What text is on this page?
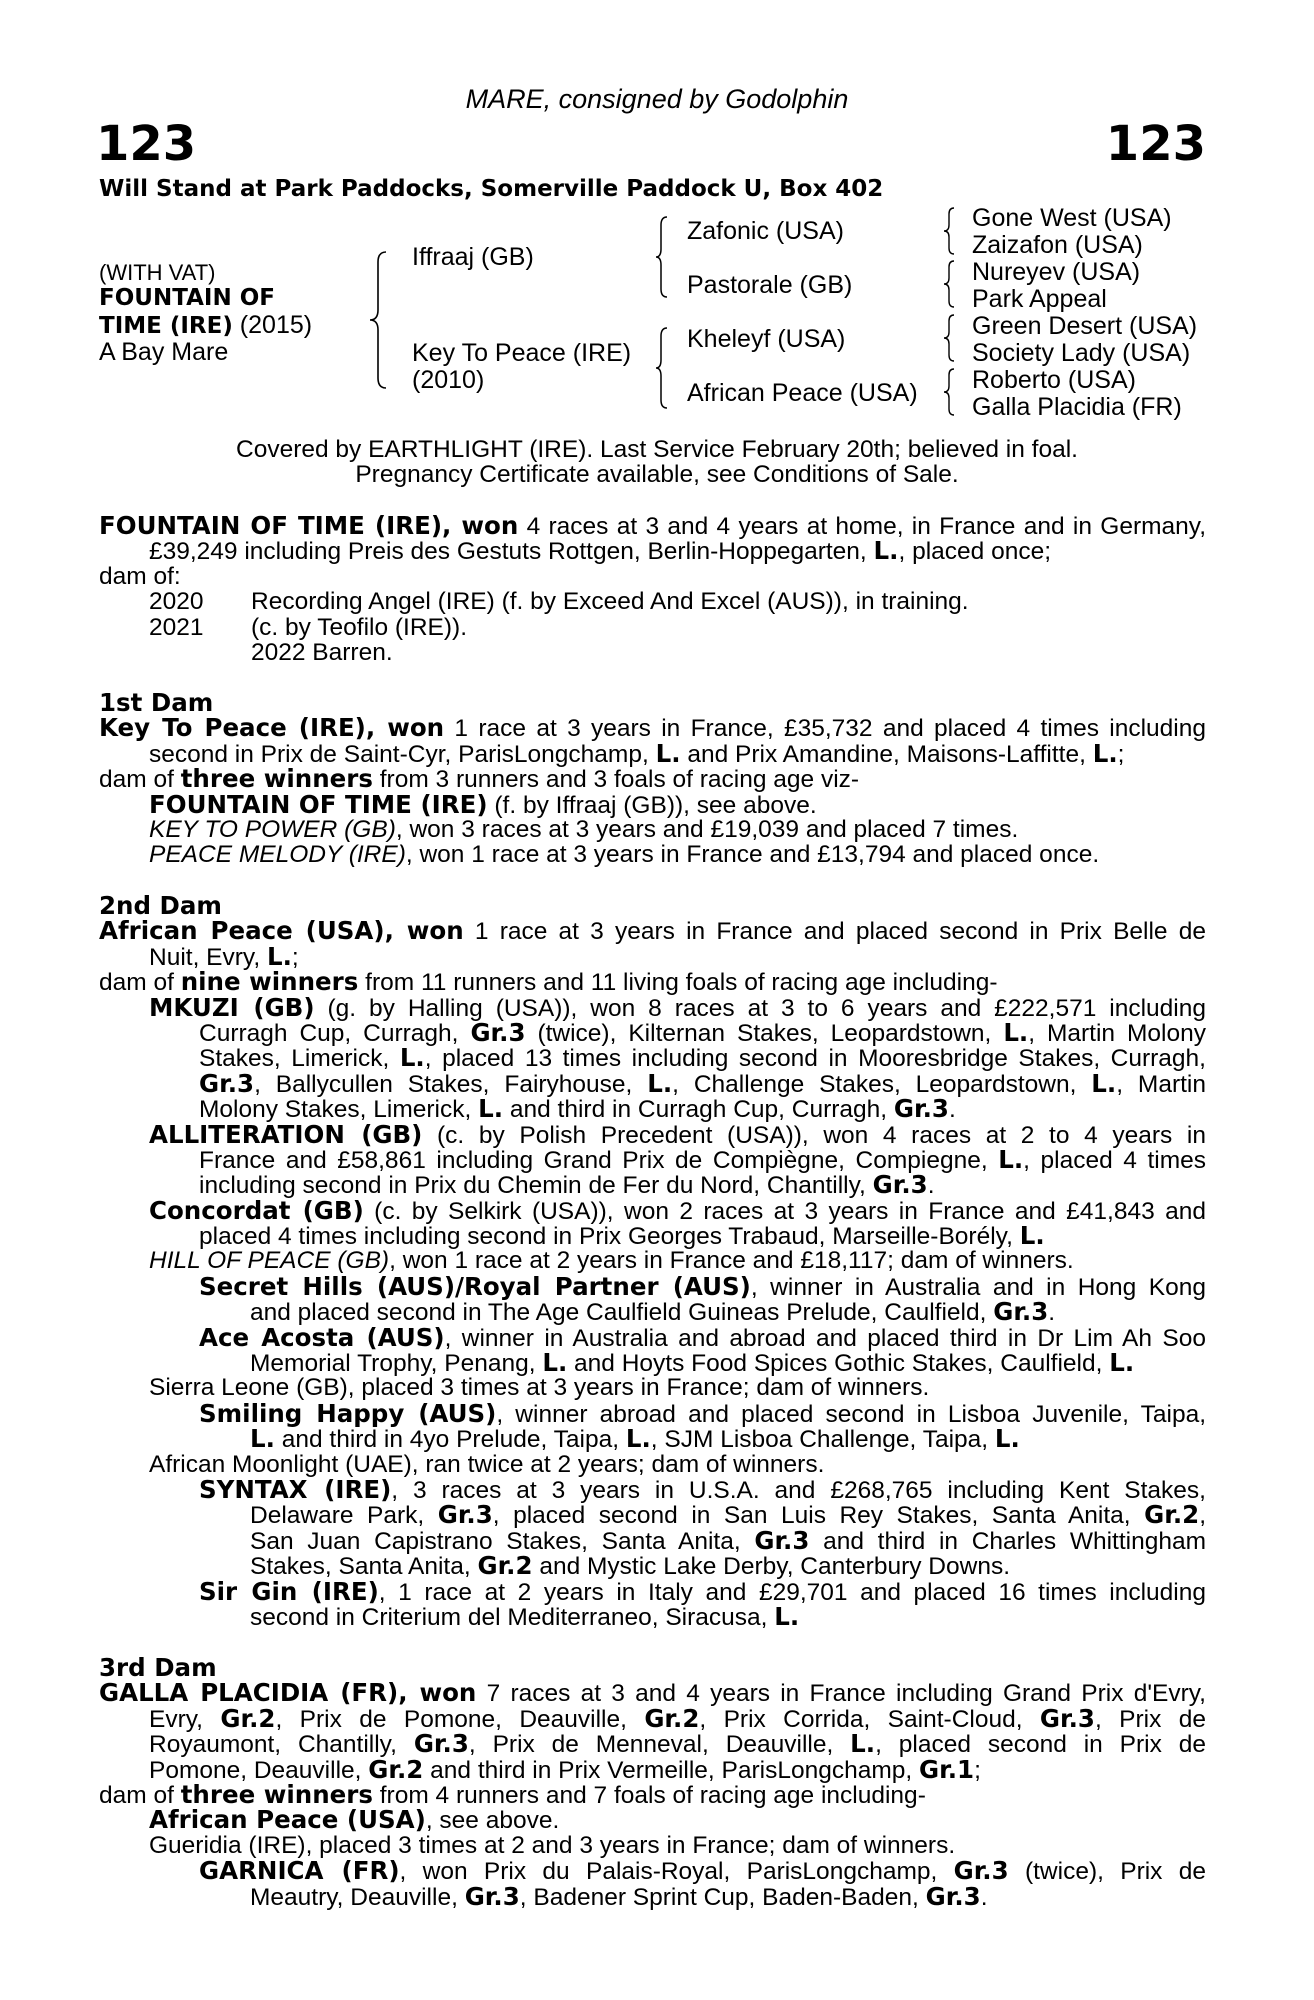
MARE, consigned by Godolphin
123	123
Will Stand at Park Paddocks, Somerville Paddock U, Box 402
(WITH VAT)
FOUNTAIN OF
TIME (IRE) (2015)
A Bay Mare
Iffraaj (GB)
Key To Peace (IRE)
(2010)
Zafonic (USA)
Pastorale (GB)
Kheleyf (USA)
African Peace (USA)
Gone West (USA)
Zaizafon (USA)
Nureyev (USA)
Park Appeal
Green Desert (USA)
Society Lady (USA)
Roberto (USA)
Galla Placidia (FR)
Covered by EARTHLIGHT (IRE). Last Service February 20th; believed in foal.
Pregnancy Certificate available, see Conditions of Sale.
FOUNTAIN OF TIME (IRE), won 4 races at 3 and 4 years at home, in France and in Germany,
£39,249 including Preis des Gestuts Rottgen, Berlin-Hoppegarten, L., placed once;
dam of:
2020 Recording Angel (IRE) (f. by Exceed And Excel (AUS)), in training.
2021 (c. by Teofilo (IRE)).
2022 Barren.
1st Dam
Key To Peace (IRE), won 1 race at 3 years in France, £35,732 and placed 4 times including
second in Prix de Saint-Cyr, ParisLongchamp, L. and Prix Amandine, Maisons-Laffitte, L.;
dam of three winners from 3 runners and 3 foals of racing age viz-
FOUNTAIN OF TIME (IRE) (f. by Iffraaj (GB)), see above.
KEY TO POWER (GB), won 3 races at 3 years and £19,039 and placed 7 times.
PEACE MELODY (IRE), won 1 race at 3 years in France and £13,794 and placed once.
2nd Dam
African Peace (USA), won 1 race at 3 years in France and placed second in Prix Belle de
Nuit, Evry, L.;
dam of nine winners from 11 runners and 11 living foals of racing age including-
MKUZI (GB) (g. by Halling (USA)), won 8 races at 3 to 6 years and £222,571 including
Curragh Cup, Curragh, Gr.3 (twice), Kilternan Stakes, Leopardstown, L., Martin Molony
Stakes, Limerick, L., placed 13 times including second in Mooresbridge Stakes, Curragh,
Gr.3, Ballycullen Stakes, Fairyhouse, L., Challenge Stakes, Leopardstown, L., Martin
Molony Stakes, Limerick, L. and third in Curragh Cup, Curragh, Gr.3.
ALLITERATION (GB) (c. by Polish Precedent (USA)), won 4 races at 2 to 4 years in
France and £58,861 including Grand Prix de Compiègne, Compiegne, L., placed 4 times
including second in Prix du Chemin de Fer du Nord, Chantilly, Gr.3.
Concordat (GB) (c. by Selkirk (USA)), won 2 races at 3 years in France and £41,843 and
placed 4 times including second in Prix Georges Trabaud, Marseille-Borély, L.
HILL OF PEACE (GB), won 1 race at 2 years in France and £18,117; dam of winners.
Secret Hills (AUS)/Royal Partner (AUS), winner in Australia and in Hong Kong
and placed second in The Age Caulfield Guineas Prelude, Caulfield, Gr.3.
Ace Acosta (AUS), winner in Australia and abroad and placed third in Dr Lim Ah Soo
Memorial Trophy, Penang, L. and Hoyts Food Spices Gothic Stakes, Caulfield, L.
Sierra Leone (GB), placed 3 times at 3 years in France; dam of winners.
Smiling Happy (AUS), winner abroad and placed second in Lisboa Juvenile, Taipa,
L. and third in 4yo Prelude, Taipa, L., SJM Lisboa Challenge, Taipa, L.
African Moonlight (UAE), ran twice at 2 years; dam of winners.
SYNTAX (IRE), 3 races at 3 years in U.S.A. and £268,765 including Kent Stakes,
Delaware Park, Gr.3, placed second in San Luis Rey Stakes, Santa Anita, Gr.2,
San Juan Capistrano Stakes, Santa Anita, Gr.3 and third in Charles Whittingham
Stakes, Santa Anita, Gr.2 and Mystic Lake Derby, Canterbury Downs.
Sir Gin (IRE), 1 race at 2 years in Italy and £29,701 and placed 16 times including
second in Criterium del Mediterraneo, Siracusa, L.
3rd Dam
GALLA PLACIDIA (FR), won 7 races at 3 and 4 years in France including Grand Prix d'Evry,
Evry, Gr.2, Prix de Pomone, Deauville, Gr.2, Prix Corrida, Saint-Cloud, Gr.3, Prix de
Royaumont, Chantilly, Gr.3, Prix de Menneval, Deauville, L., placed second in Prix de
Pomone, Deauville, Gr.2 and third in Prix Vermeille, ParisLongchamp, Gr.1;
dam of three winners from 4 runners and 7 foals of racing age including-
African Peace (USA), see above.
Gueridia (IRE), placed 3 times at 2 and 3 years in France; dam of winners.
GARNICA (FR), won Prix du Palais-Royal, ParisLongchamp, Gr.3 (twice), Prix de
Meautry, Deauville, Gr.3, Badener Sprint Cup, Baden-Baden, Gr.3.
